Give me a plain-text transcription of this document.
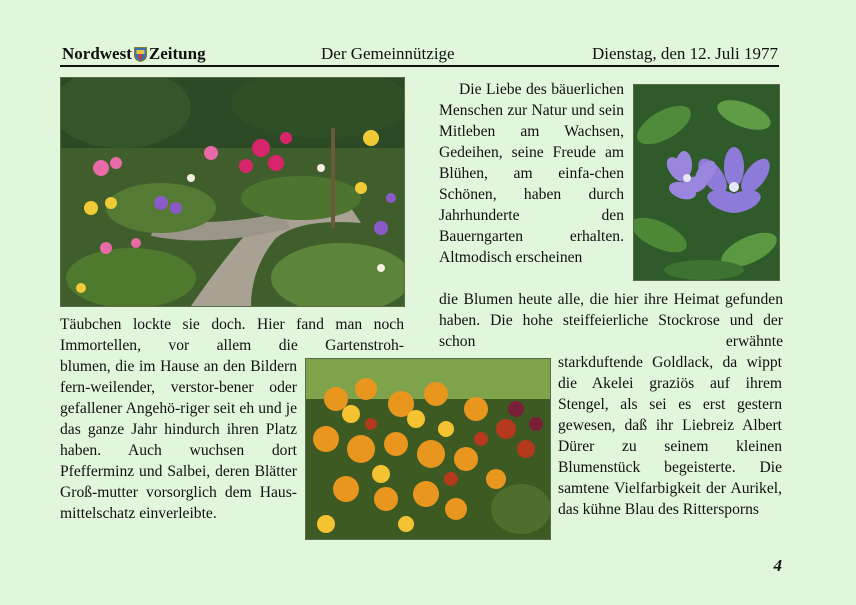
Nordwest Zeitung	Der Gemeinnützige	Dienstag, den 12. Juli 1977

Die Liebe des bäuerlichen Menschen zur Natur und sein Mitleben am Wachsen, Gedeihen, seine Freude am Blühen, am einfa-chen Schönen, haben durch Jahrhunderte den Bauerngarten erhalten. Altmodisch erscheinen

die Blumen heute alle, die hier ihre Heimat gefunden haben. Die hohe steiffeierliche Stockrose und der schon erwähnte

starkduftende Goldlack, da wippt die Akelei graziös auf ihrem Stengel, als sei es erst gestern gewesen, daß ihr Liebreiz Albert Dürer zu seinem kleinen Blumenstück begeisterte. Die samtene Vielfarbigkeit der Aurikel, das kühne Blau des Rittersporns

Täubchen lockte sie doch. Hier fand man noch Immortellen, vor allem die Gartenstroh-

blumen, die im Hause an den Bildern fern-weilender, verstor-bener oder gefallener Angehö-riger seit eh und je das ganze Jahr hindurch ihren Platz haben. Auch wuchsen dort Pfefferminz und Salbei, deren Blätter Groß-mutter vorsorglich dem Haus-mittelschatz einverleibte.

4
